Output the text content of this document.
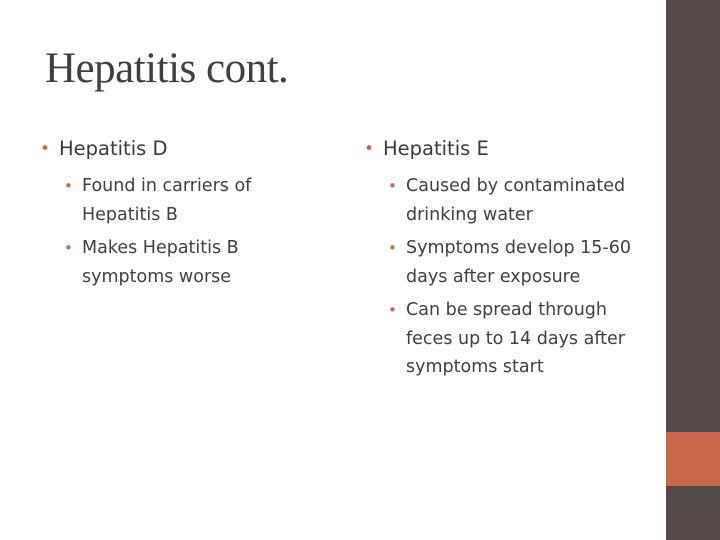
Hepatitis cont.
• Hepatitis D
• Found in carriers of Hepatitis B
• Makes Hepatitis B symptoms worse
• Hepatitis E
• Caused by contaminated drinking water
• Symptoms develop 15-60 days after exposure
• Can be spread through feces up to 14 days after symptoms start
